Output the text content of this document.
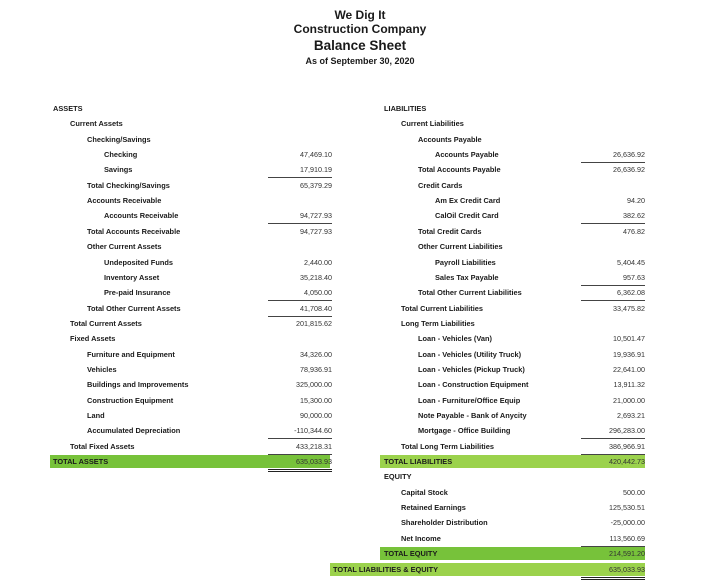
We Dig It
Construction Company
Balance Sheet
As of September 30, 2020
ASSETS
Current Assets
Checking/Savings
Checking	47,469.10
Savings	17,910.19
Total Checking/Savings	65,379.29
Accounts Receivable
Accounts Receivable	94,727.93
Total Accounts Receivable	94,727.93
Other Current Assets
Undeposited Funds	2,440.00
Inventory Asset	35,218.40
Pre-paid Insurance	4,050.00
Total Other Current Assets	41,708.40
Total Current Assets	201,815.62
Fixed Assets
Furniture and Equipment	34,326.00
Vehicles	78,936.91
Buildings and Improvements	325,000.00
Construction Equipment	15,300.00
Land	90,000.00
Accumulated Depreciation	-110,344.60
Total Fixed Assets	433,218.31
TOTAL ASSETS	635,033.93
LIABILITIES
Current Liabilities
Accounts Payable
Accounts Payable	26,636.92
Total Accounts Payable	26,636.92
Credit Cards
Am Ex Credit Card	94.20
CalOil Credit Card	382.62
Total Credit Cards	476.82
Other Current Liabilities
Payroll Liabilities	5,404.45
Sales Tax Payable	957.63
Total Other Current Liabilities	6,362.08
Total Current Liabilities	33,475.82
Long Term Liabilities
Loan - Vehicles (Van)	10,501.47
Loan - Vehicles (Utility Truck)	19,936.91
Loan - Vehicles (Pickup Truck)	22,641.00
Loan - Construction Equipment	13,911.32
Loan - Furniture/Office Equip	21,000.00
Note Payable - Bank of Anycity	2,693.21
Mortgage - Office Building	296,283.00
Total Long Term Liabilities	386,966.91
TOTAL LIABILITIES	420,442.73
EQUITY
Capital Stock	500.00
Retained Earnings	125,530.51
Shareholder Distribution	-25,000.00
Net Income	113,560.69
TOTAL EQUITY	214,591.20
TOTAL LIABILITIES & EQUITY	635,033.93
